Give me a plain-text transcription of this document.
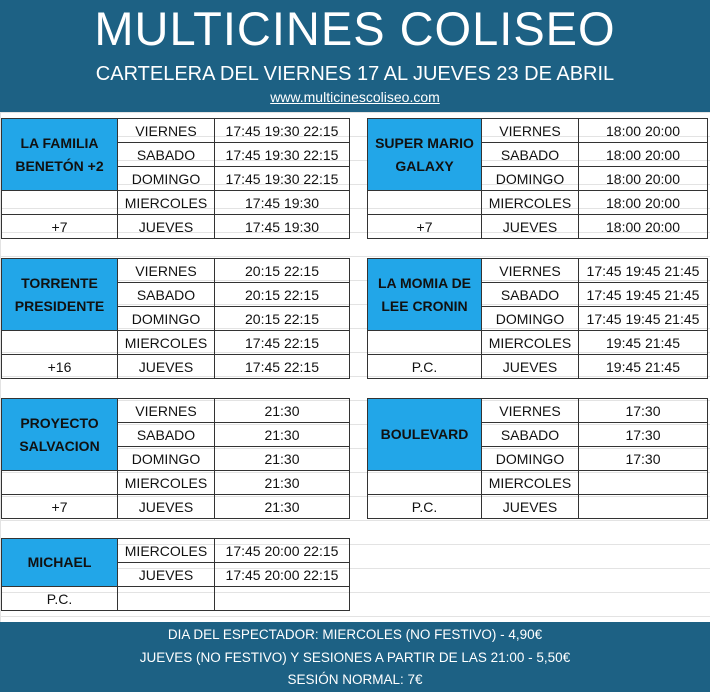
MULTICINES COLISEO
CARTELERA DEL VIERNES 17 AL JUEVES 23 DE ABRIL
www.multicinescoliseo.com
LA FAMILIA BENETÓN +2	VIERNES	17:45 19:30 22:15
	SABADO	17:45 19:30 22:15
	DOMINGO	17:45 19:30 22:15
	MIERCOLES	17:45 19:30
+7	JUEVES	17:45 19:30
SUPER MARIO GALAXY	VIERNES	18:00 20:00
	SABADO	18:00 20:00
	DOMINGO	18:00 20:00
	MIERCOLES	18:00 20:00
+7	JUEVES	18:00 20:00
TORRENTE PRESIDENTE	VIERNES	20:15 22:15
	SABADO	20:15 22:15
	DOMINGO	20:15 22:15
	MIERCOLES	17:45 22:15
+16	JUEVES	17:45 22:15
LA MOMIA DE LEE CRONIN	VIERNES	17:45 19:45 21:45
	SABADO	17:45 19:45 21:45
	DOMINGO	17:45 19:45 21:45
	MIERCOLES	19:45 21:45
P.C.	JUEVES	19:45 21:45
PROYECTO SALVACION	VIERNES	21:30
	SABADO	21:30
	DOMINGO	21:30
	MIERCOLES	21:30
+7	JUEVES	21:30
BOULEVARD	VIERNES	17:30
	SABADO	17:30
	DOMINGO	17:30
	MIERCOLES	
P.C.	JUEVES	
MICHAEL	MIERCOLES	17:45 20:00 22:15
	JUEVES	17:45 20:00 22:15
P.C.		
DIA DEL ESPECTADOR: MIERCOLES (NO FESTIVO) - 4,90€
JUEVES (NO FESTIVO) Y SESIONES A PARTIR DE LAS 21:00 - 5,50€
SESIÓN NORMAL: 7€
